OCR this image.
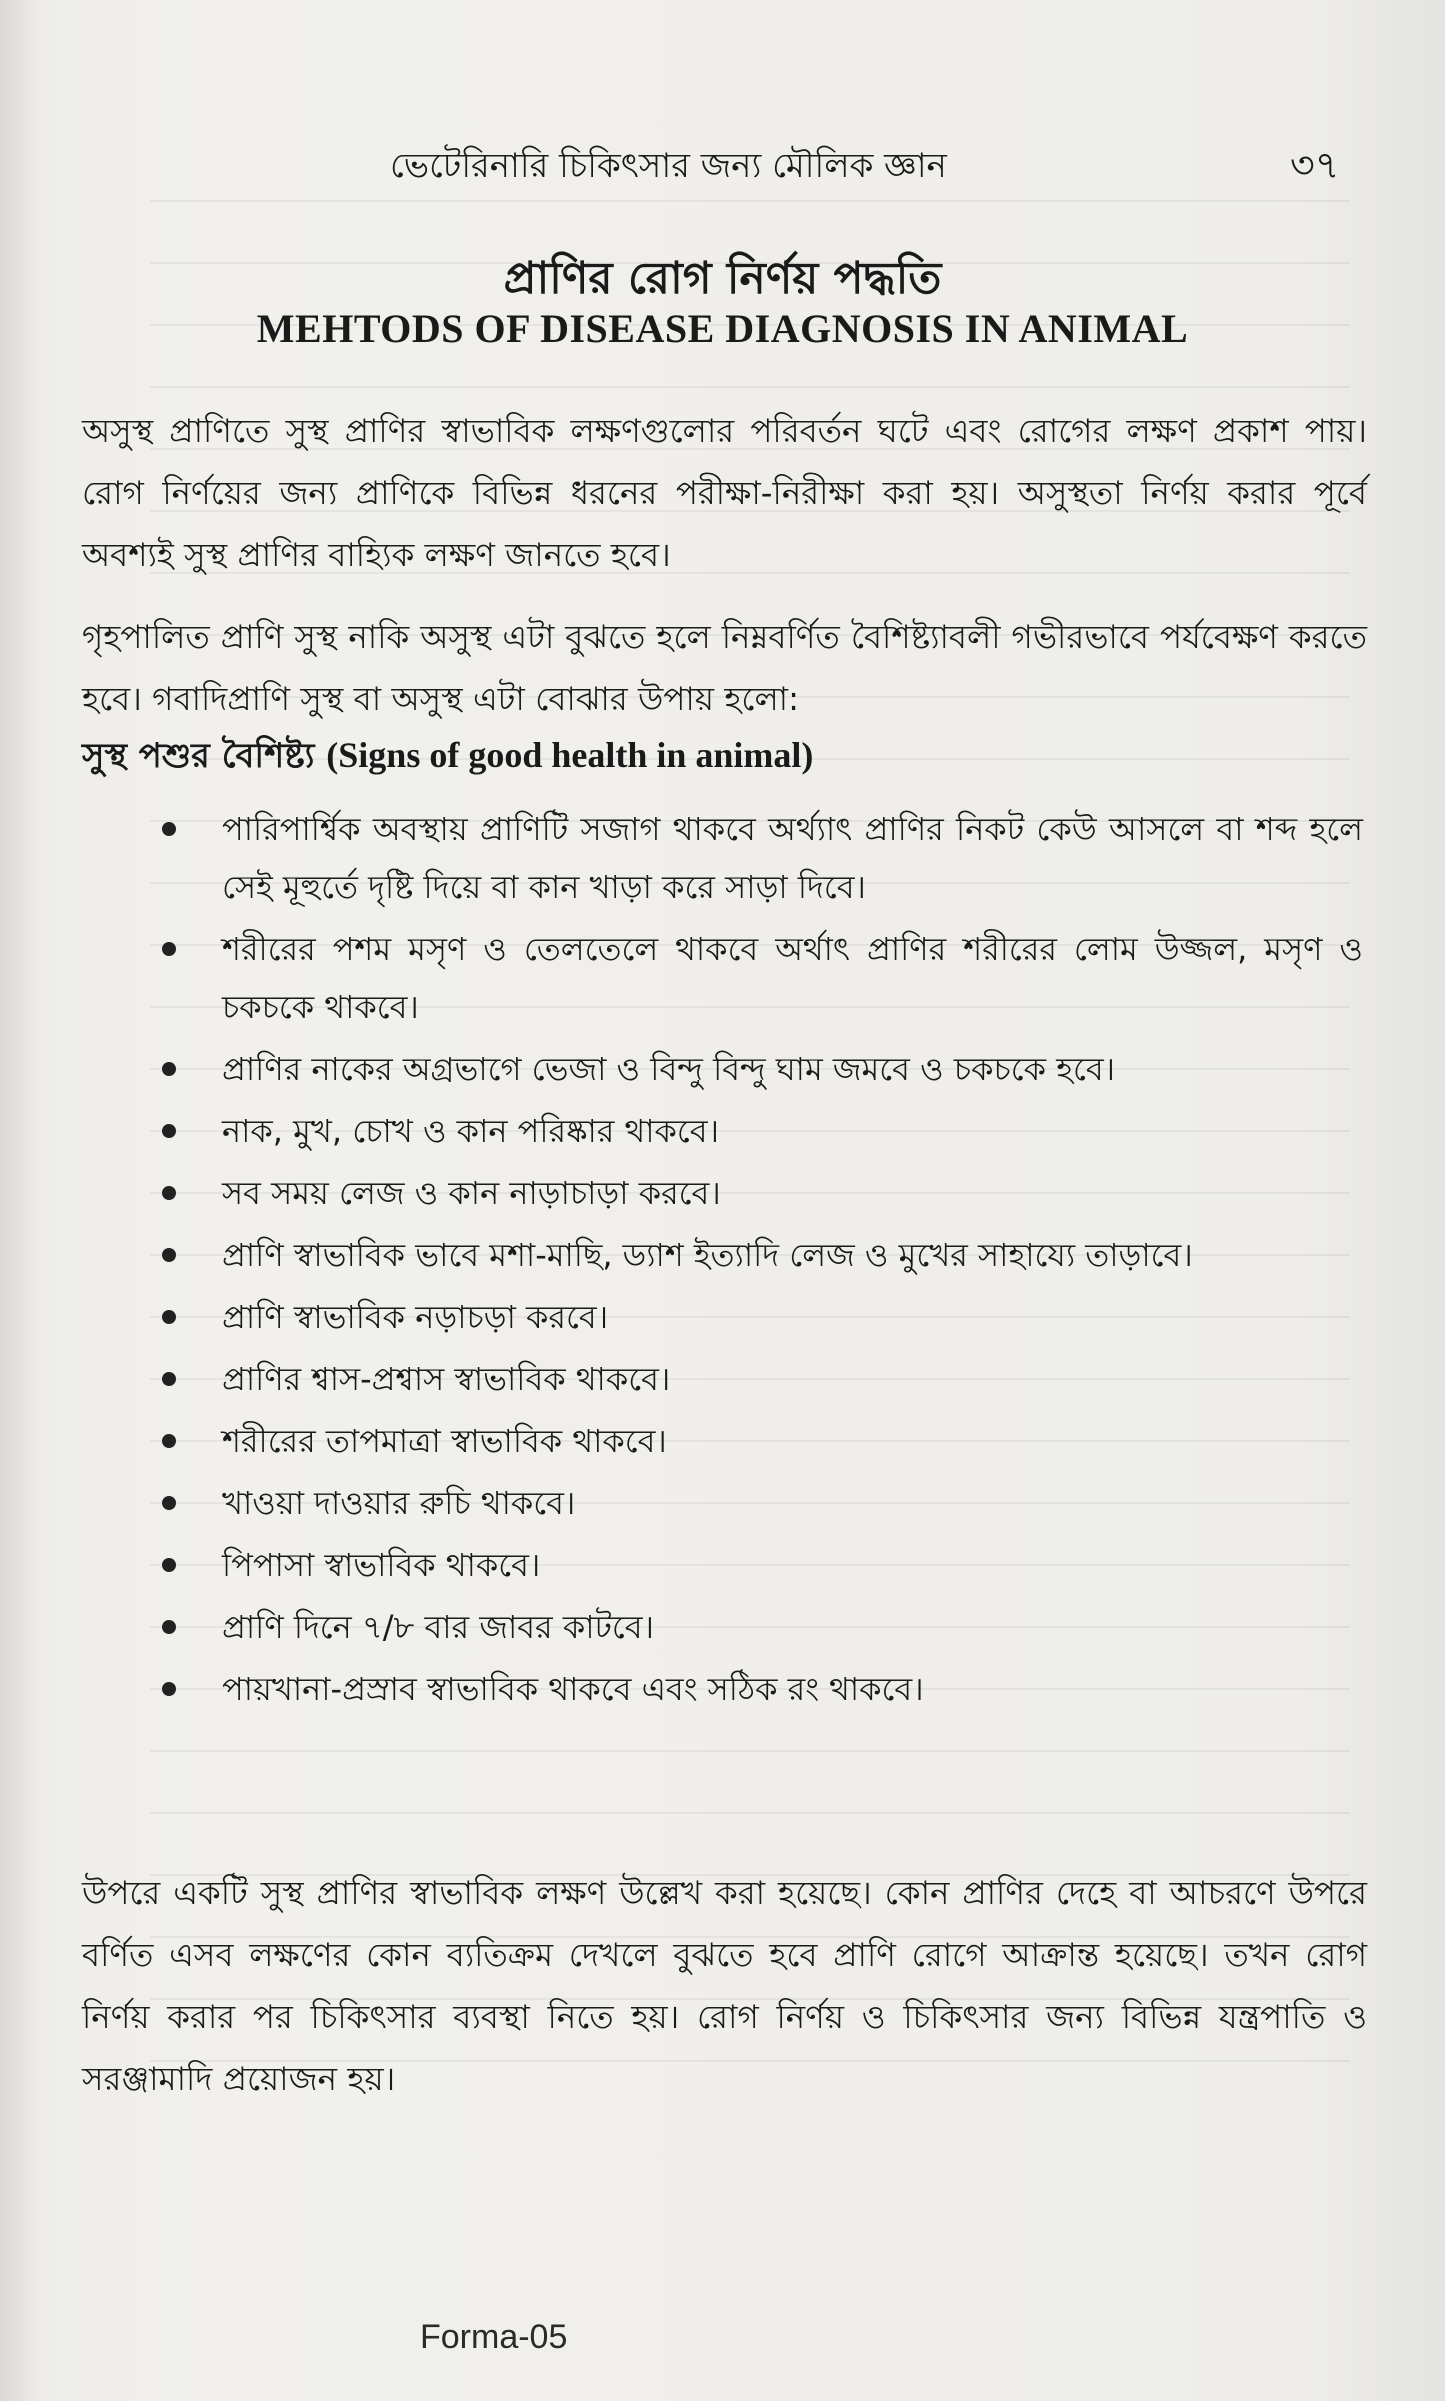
ভেটেরিনারি চিকিৎসার জন্য মৌলিক জ্ঞান	৩৭
প্রাণির রোগ নির্ণয় পদ্ধতি
MEHTODS OF DISEASE DIAGNOSIS IN ANIMAL
অসুস্থ প্রাণিতে সুস্থ প্রাণির স্বাভাবিক লক্ষণগুলোর পরিবর্তন ঘটে এবং রোগের লক্ষণ প্রকাশ পায়। রোগ নির্ণয়ের জন্য প্রাণিকে বিভিন্ন ধরনের পরীক্ষা-নিরীক্ষা করা হয়। অসুস্থতা নির্ণয় করার পূর্বে অবশ্যই সুস্থ প্রাণির বাহ্যিক লক্ষণ জানতে হবে।
গৃহপালিত প্রাণি সুস্থ নাকি অসুস্থ এটা বুঝতে হলে নিম্নবর্ণিত বৈশিষ্ট্যাবলী গভীরভাবে পর্যবেক্ষণ করতে হবে। গবাদিপ্রাণি সুস্থ বা অসুস্থ এটা বোঝার উপায় হলো:
সুস্থ পশুর বৈশিষ্ট্য (Signs of good health in animal)
পারিপার্শ্বিক অবস্থায় প্রাণিটি সজাগ থাকবে অর্থ্যাৎ প্রাণির নিকট কেউ আসলে বা শব্দ হলে সেই মূহুর্তে দৃষ্টি দিয়ে বা কান খাড়া করে সাড়া দিবে।
শরীরের পশম মসৃণ ও তেলতেলে থাকবে অর্থাৎ প্রাণির শরীরের লোম উজ্জল, মসৃণ ও চকচকে থাকবে।
প্রাণির নাকের অগ্রভাগে ভেজা ও বিন্দু বিন্দু ঘাম জমবে ও চকচকে হবে।
নাক, মুখ, চোখ ও কান পরিষ্কার থাকবে।
সব সময় লেজ ও কান নাড়াচাড়া করবে।
প্রাণি স্বাভাবিক ভাবে মশা-মাছি, ড্যাশ ইত্যাদি লেজ ও মুখের সাহায্যে তাড়াবে।
প্রাণি স্বাভাবিক নড়াচড়া করবে।
প্রাণির শ্বাস-প্রশ্বাস স্বাভাবিক থাকবে।
শরীরের তাপমাত্রা স্বাভাবিক থাকবে।
খাওয়া দাওয়ার রুচি থাকবে।
পিপাসা স্বাভাবিক থাকবে।
প্রাণি দিনে ৭/৮ বার জাবর কাটবে।
পায়খানা-প্রস্রাব স্বাভাবিক থাকবে এবং সঠিক রং থাকবে।
উপরে একটি সুস্থ প্রাণির স্বাভাবিক লক্ষণ উল্লেখ করা হয়েছে। কোন প্রাণির দেহে বা আচরণে উপরে বর্ণিত এসব লক্ষণের কোন ব্যতিক্রম দেখলে বুঝতে হবে প্রাণি রোগে আক্রান্ত হয়েছে। তখন রোগ নির্ণয় করার পর চিকিৎসার ব্যবস্থা নিতে হয়। রোগ নির্ণয় ও চিকিৎসার জন্য বিভিন্ন যন্ত্রপাতি ও সরঞ্জামাদি প্রয়োজন হয়।
Forma-05
